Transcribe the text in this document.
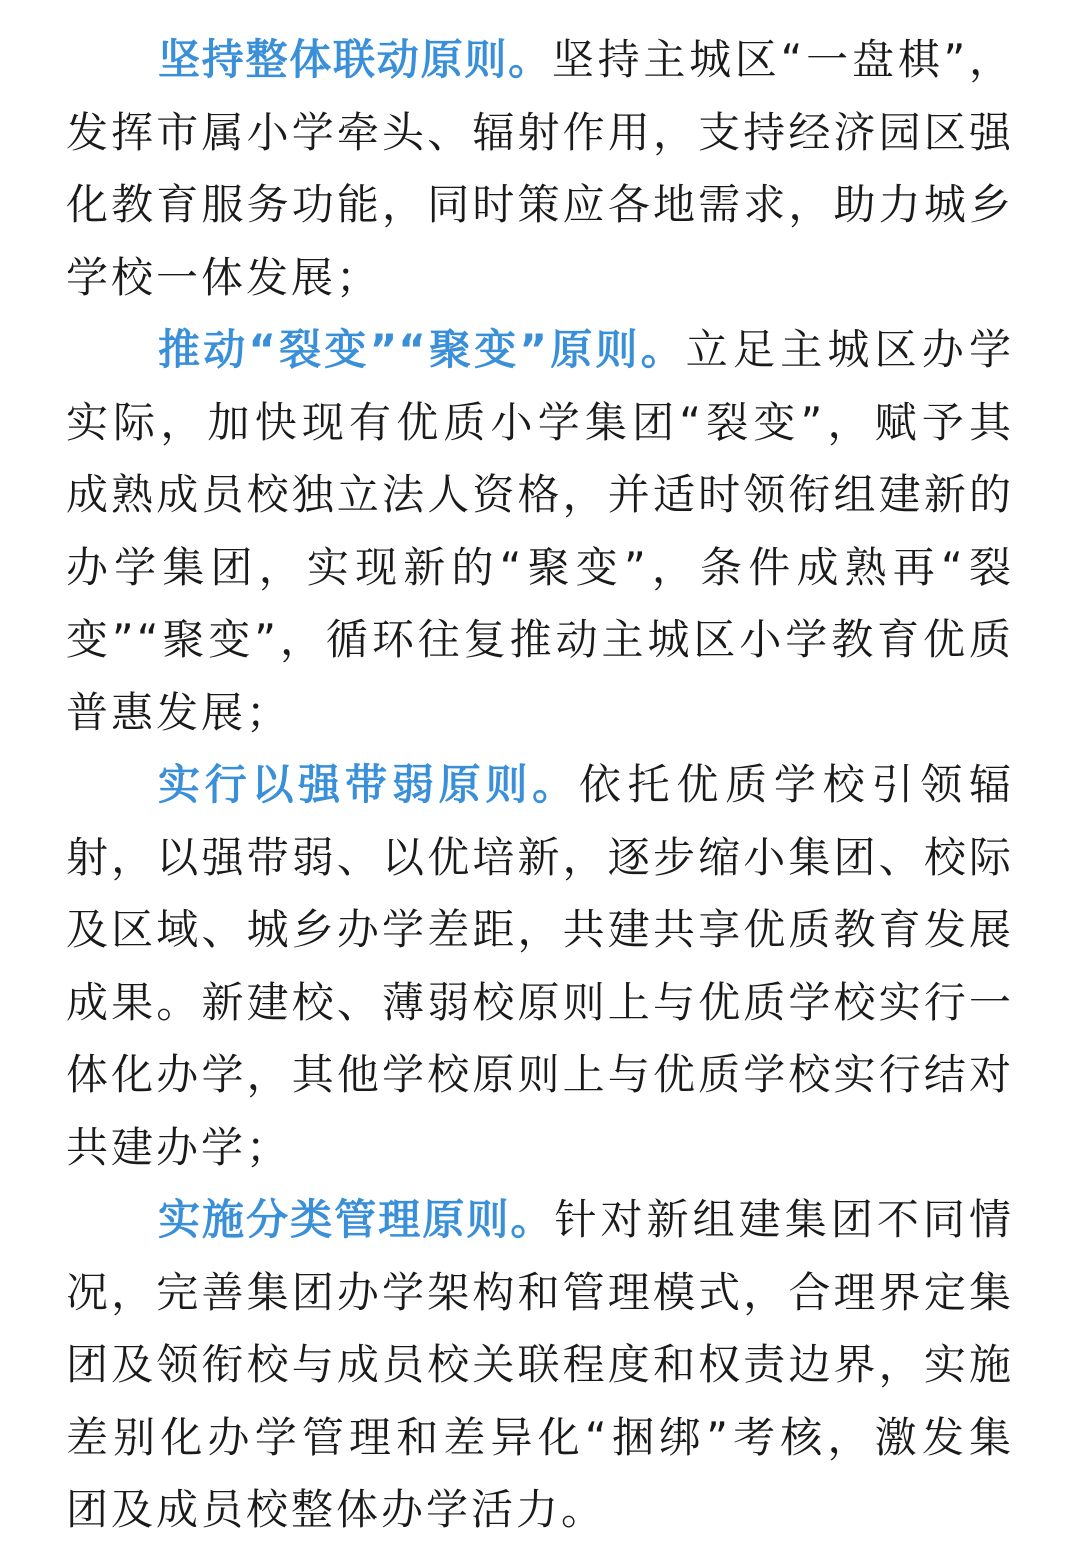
坚持整体联动原则。坚持主城区“一盘棋”，发挥市属小学牵头、辐射作用，支持经济园区强化教育服务功能，同时策应各地需求，助力城乡学校一体发展；

推动“裂变”“聚变”原则。立足主城区办学实际，加快现有优质小学集团“裂变”，赋予其成熟成员校独立法人资格，并适时领衔组建新的办学集团，实现新的“聚变”，条件成熟再“裂变”“聚变”，循环往复推动主城区小学教育优质普惠发展；

实行以强带弱原则。依托优质学校引领辐射，以强带弱、以优培新，逐步缩小集团、校际及区域、城乡办学差距，共建共享优质教育发展成果。新建校、薄弱校原则上与优质学校实行一体化办学，其他学校原则上与优质学校实行结对共建办学；

实施分类管理原则。针对新组建集团不同情况，完善集团办学架构和管理模式，合理界定集团及领衔校与成员校关联程度和权责边界，实施差别化办学管理和差异化“捆绑”考核，激发集团及成员校整体办学活力。
